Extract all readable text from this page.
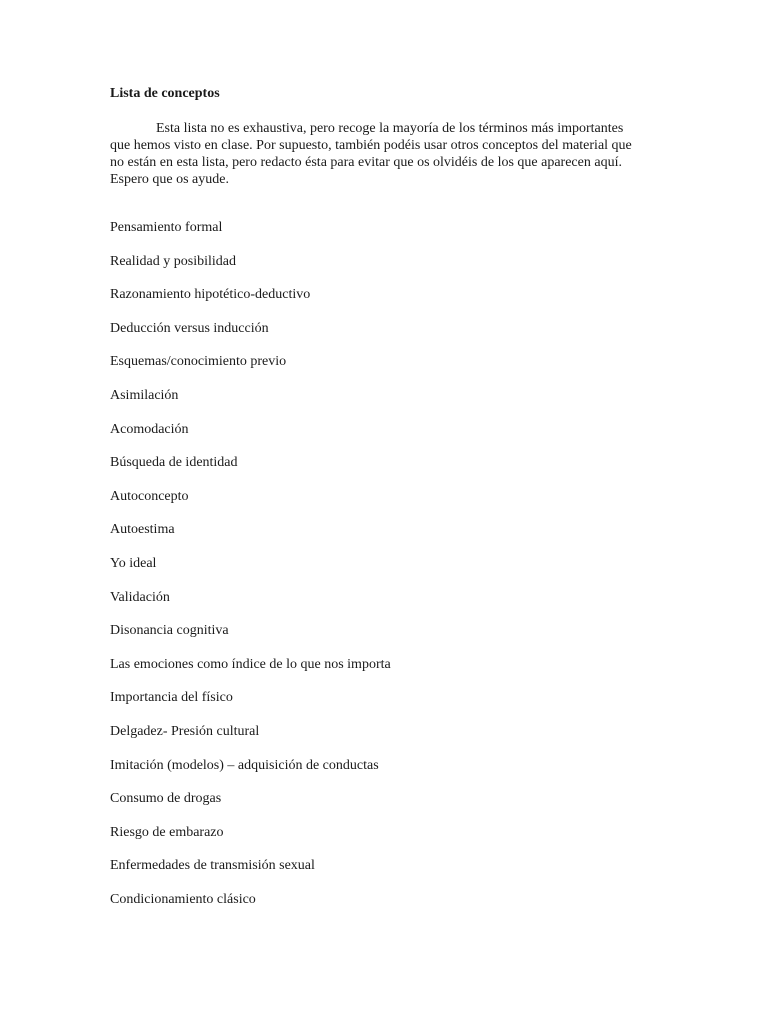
Lista de conceptos

Esta lista no es exhaustiva, pero recoge la mayoría de los términos más importantes que hemos visto en clase. Por supuesto, también podéis usar otros conceptos del material que no están en esta lista, pero redacto ésta para evitar que os olvidéis de los que aparecen aquí. Espero que os ayude.

Pensamiento formal
Realidad y posibilidad
Razonamiento hipotético-deductivo
Deducción versus inducción
Esquemas/conocimiento previo
Asimilación
Acomodación
Búsqueda de identidad
Autoconcepto
Autoestima
Yo ideal
Validación
Disonancia cognitiva
Las emociones como índice de lo que nos importa
Importancia del físico
Delgadez- Presión cultural
Imitación (modelos) – adquisición de conductas
Consumo de drogas
Riesgo de embarazo
Enfermedades de transmisión sexual
Condicionamiento clásico
